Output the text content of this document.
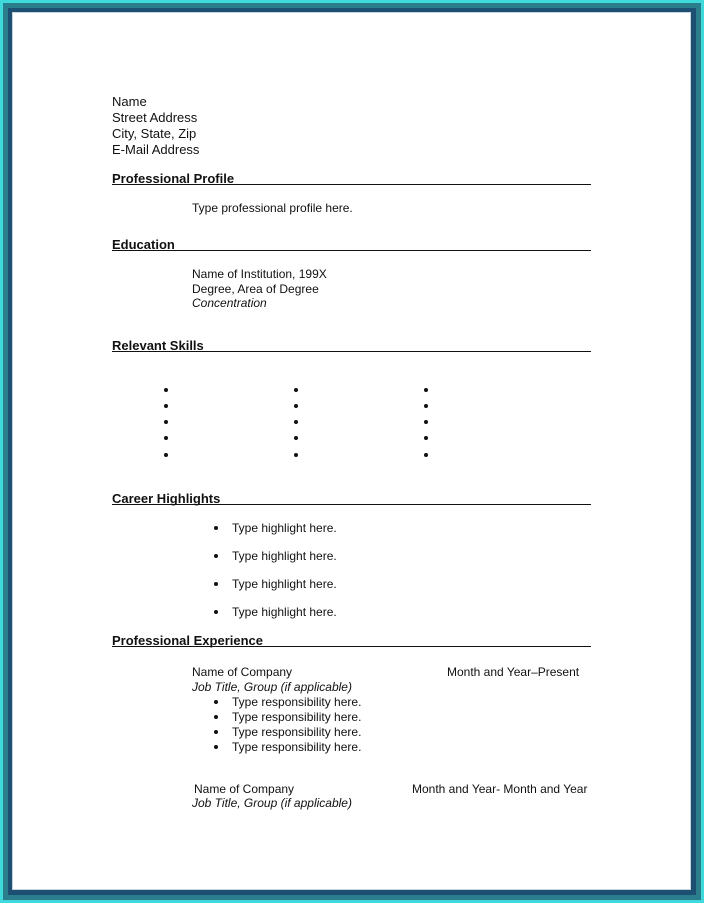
Name
Street Address
City, State, Zip
E-Mail Address
Professional Profile
Type professional profile here.
Education
Name of Institution, 199X
Degree, Area of Degree
Concentration
Relevant Skills
Career Highlights
Type highlight here.
Type highlight here.
Type highlight here.
Type highlight here.
Professional Experience
Name of Company	Month and Year–Present
Job Title, Group (if applicable)
Type responsibility here.
Type responsibility here.
Type responsibility here.
Type responsibility here.
Name of Company	Month and Year- Month and Year
Job Title, Group (if applicable)
